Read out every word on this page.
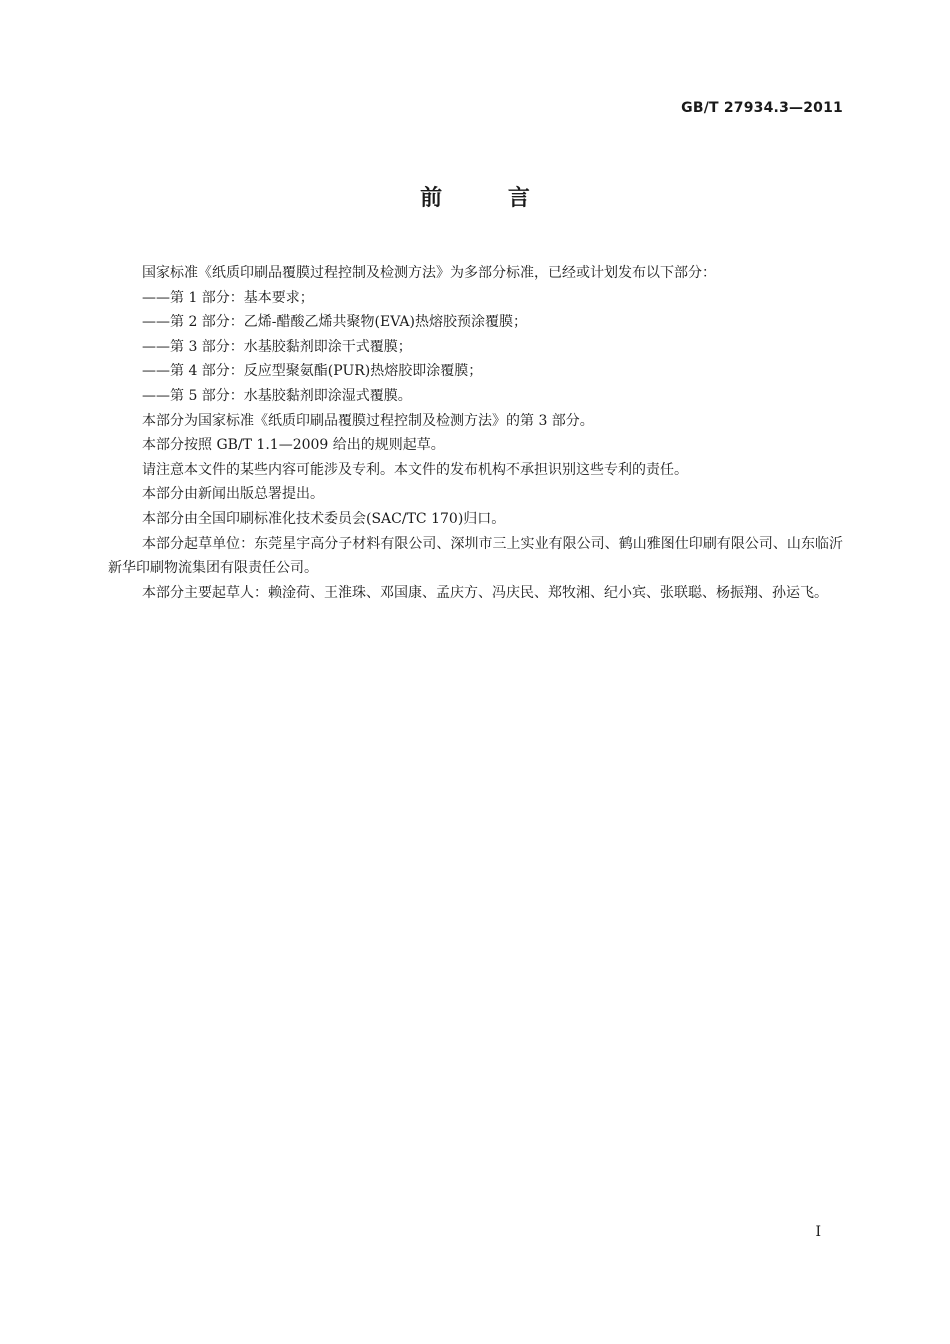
GB/T 27934.3—2011
前 言

国家标准《纸质印刷品覆膜过程控制及检测方法》为多部分标准，已经或计划发布以下部分：

——第 1 部分：基本要求；

——第 2 部分：乙烯-醋酸乙烯共聚物(EVA)热熔胶预涂覆膜；

——第 3 部分：水基胶黏剂即涂干式覆膜；

——第 4 部分：反应型聚氨酯(PUR)热熔胶即涂覆膜；

——第 5 部分：水基胶黏剂即涂湿式覆膜。

本部分为国家标准《纸质印刷品覆膜过程控制及检测方法》的第 3 部分。

本部分按照 GB/T 1.1—2009 给出的规则起草。

请注意本文件的某些内容可能涉及专利。本文件的发布机构不承担识别这些专利的责任。

本部分由新闻出版总署提出。

本部分由全国印刷标准化技术委员会(SAC/TC 170)归口。

本部分起草单位：东莞星宇高分子材料有限公司、深圳市三上实业有限公司、鹤山雅图仕印刷有限公司、山东临沂新华印刷物流集团有限责任公司。

本部分主要起草人：赖淦荷、王淮珠、邓国康、孟庆方、冯庆民、郑牧湘、纪小宾、张联聪、杨振翔、孙运飞。

I
